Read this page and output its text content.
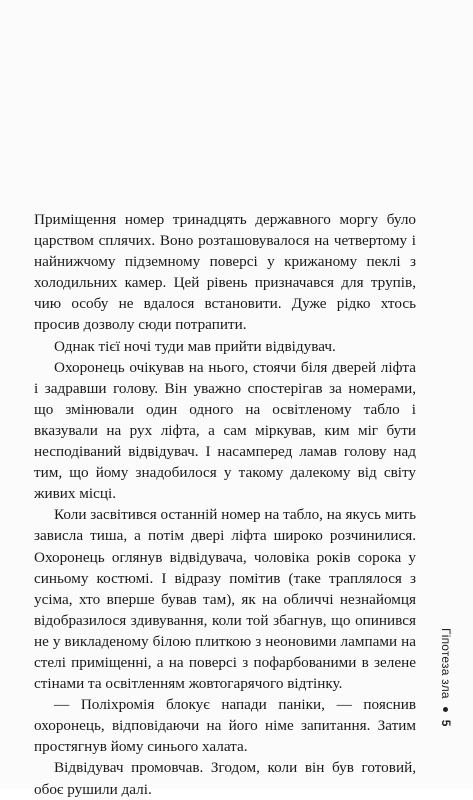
Приміщення номер тринадцять державного моргу було царством сплячих. Воно розташовувалося на четвертому і найнижчому підземному поверсі у крижаному пеклі з холодильних камер. Цей рівень призначався для трупів, чию особу не вдалося встановити. Дуже рідко хтось просив дозволу сюди потрапити.

Однак тієї ночі туди мав прийти відвідувач.

Охоронець очікував на нього, стоячи біля дверей ліфта і задравши голову. Він уважно спостерігав за номерами, що змінювали один одного на освітленому табло і вказували на рух ліфта, а сам міркував, ким міг бути несподіваний відвідувач. І насамперед ламав голову над тим, що йому знадобилося у такому далекому від світу живих місці.

Коли засвітився останній номер на табло, на якусь мить зависла тиша, а потім двері ліфта широко розчинилися. Охоронець оглянув відвідувача, чоловіка років сорока у синьому костюмі. І відразу помітив (таке траплялося з усіма, хто вперше бував там), як на обличчі незнайомця відобразилося здивування, коли той збагнув, що опинився не у викладеному білою плиткою з неоновими лампами на стелі приміщенні, а на поверсі з пофарбованими в зелене стінами та освітленням жовтогарячого відтінку.

— Поліхромія блокує напади паніки, — пояснив охоронець, відповідаючи на його німе запитання. Затим простягнув йому синього халата.

Відвідувач промовчав. Згодом, коли він був готовий, обоє рушили далі.

Гіпотеза зла
5
